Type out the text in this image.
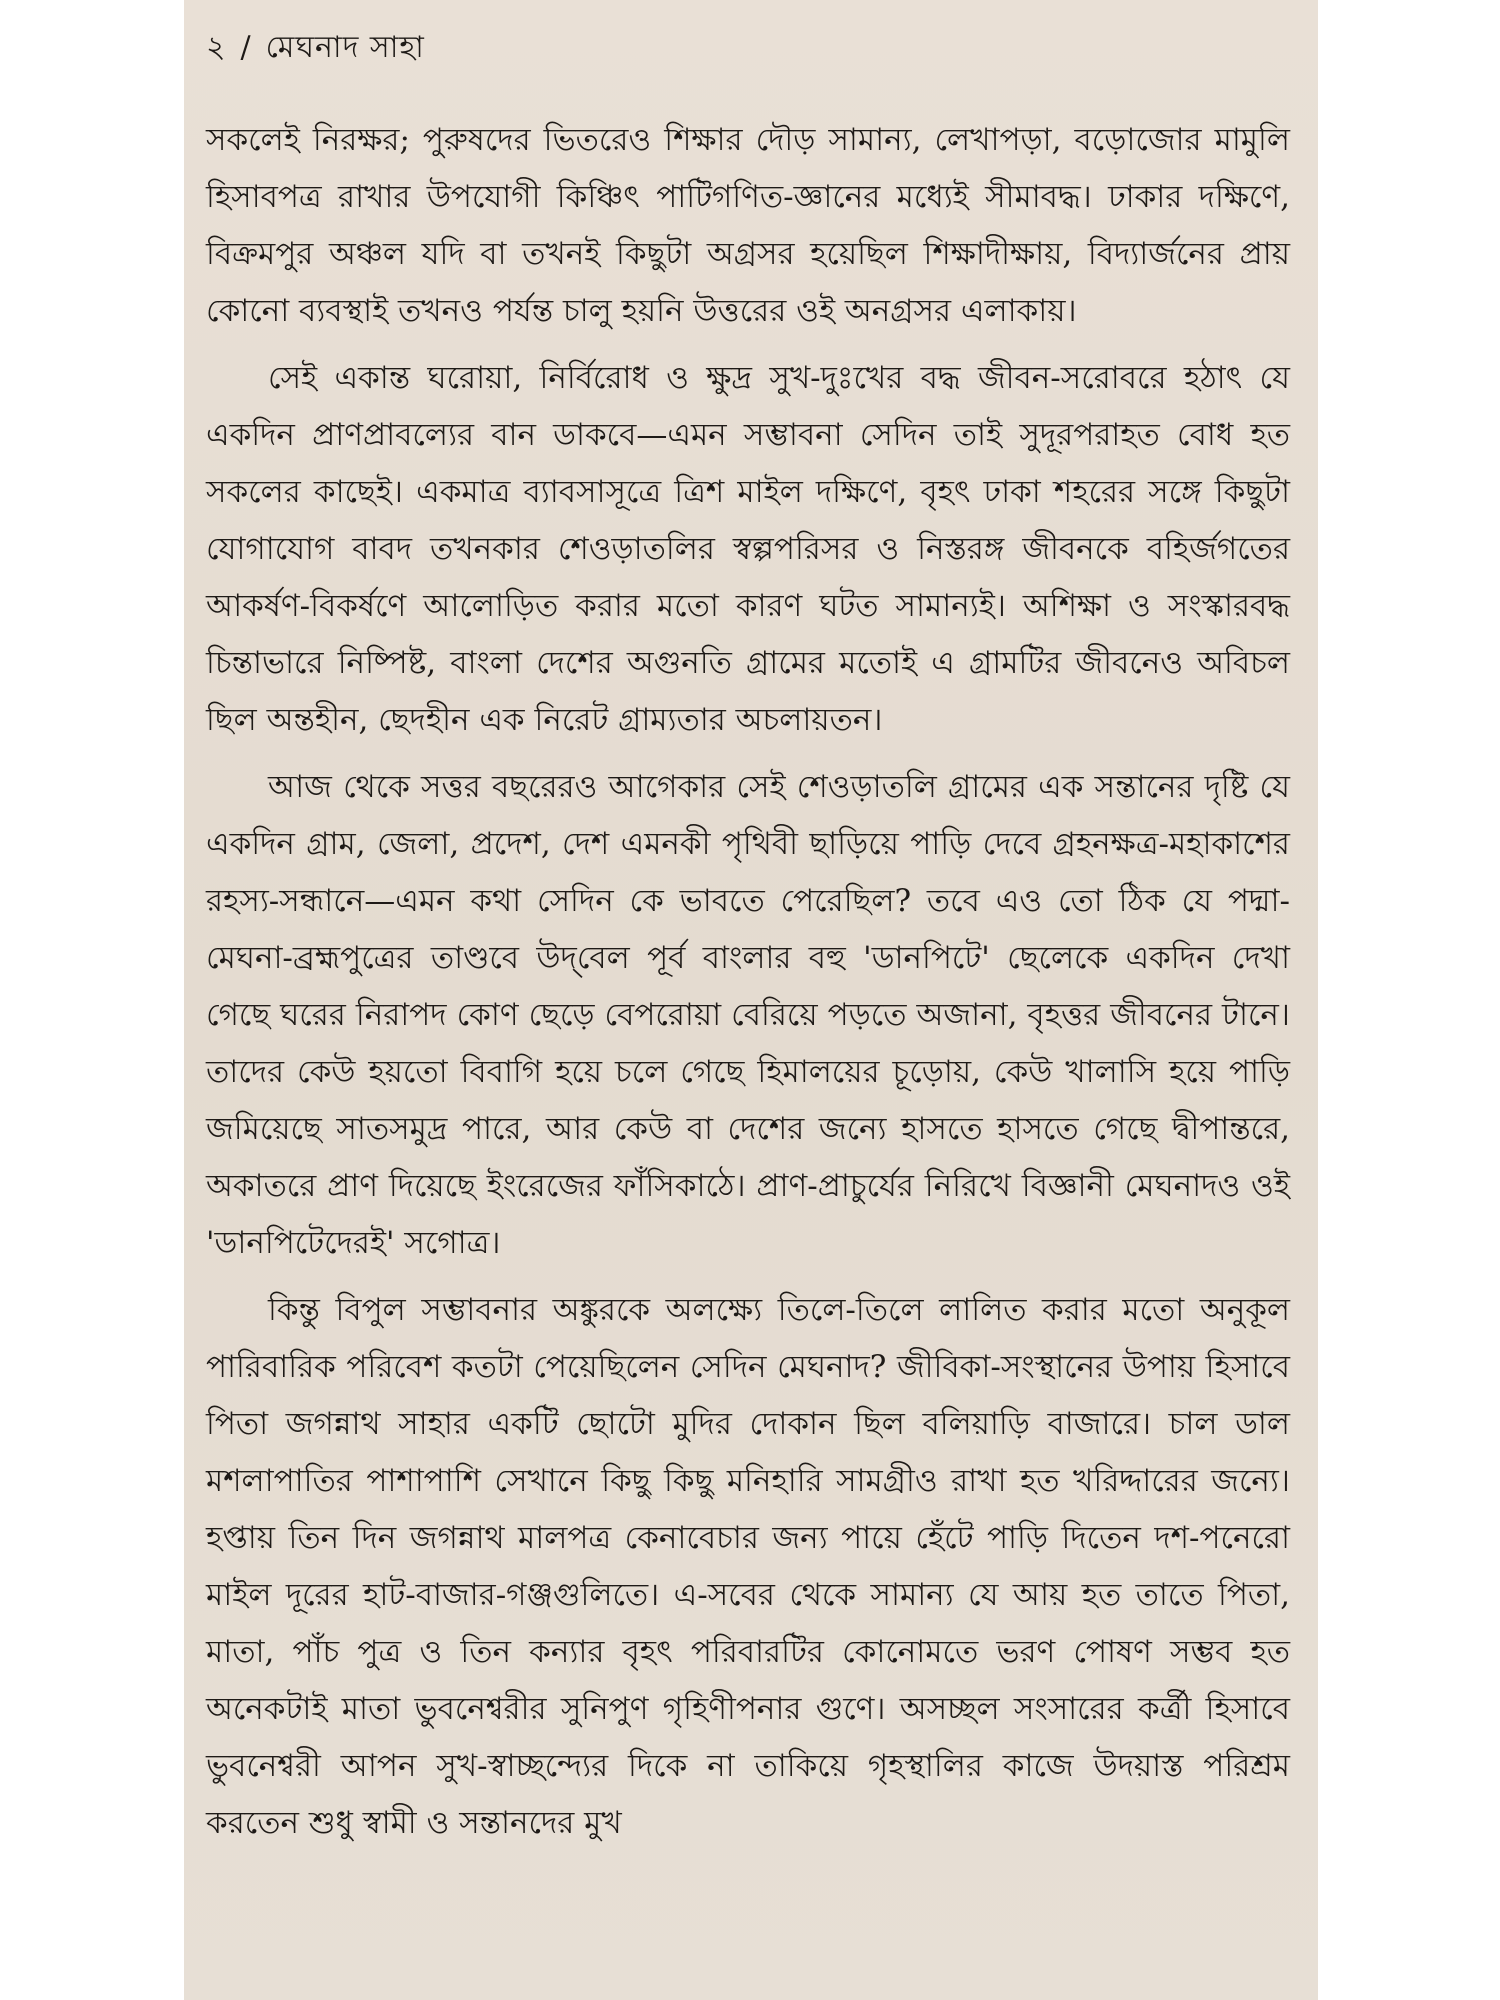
২ / মেঘনাদ সাহা

সকলেই নিরক্ষর; পুরুষদের ভিতরেও শিক্ষার দৌড় সামান্য, লেখাপড়া, বড়োজোর মামুলি হিসাবপত্র রাখার উপযোগী কিঞ্চিৎ পাটিগণিত-জ্ঞানের মধ্যেই সীমাবদ্ধ। ঢাকার দক্ষিণে, বিক্রমপুর অঞ্চল যদি বা তখনই কিছুটা অগ্রসর হয়েছিল শিক্ষাদীক্ষায়, বিদ্যার্জনের প্রায় কোনো ব্যবস্থাই তখনও পর্যন্ত চালু হয়নি উত্তরের ওই অনগ্রসর এলাকায়।

সেই একান্ত ঘরোয়া, নির্বিরোধ ও ক্ষুদ্র সুখ-দুঃখের বদ্ধ জীবন-সরোবরে হঠাৎ যে একদিন প্রাণপ্রাবল্যের বান ডাকবে—এমন সম্ভাবনা সেদিন তাই সুদূরপরাহত বোধ হত সকলের কাছেই। একমাত্র ব্যাবসাসূত্রে ত্রিশ মাইল দক্ষিণে, বৃহৎ ঢাকা শহরের সঙ্গে কিছুটা যোগাযোগ বাবদ তখনকার শেওড়াতলির স্বল্পপরিসর ও নিস্তরঙ্গ জীবনকে বহির্জগতের আকর্ষণ-বিকর্ষণে আলোড়িত করার মতো কারণ ঘটত সামান্যই। অশিক্ষা ও সংস্কারবদ্ধ চিন্তাভারে নিষ্পিষ্ট, বাংলা দেশের অগুনতি গ্রামের মতোই এ গ্রামটির জীবনেও অবিচল ছিল অন্তহীন, ছেদহীন এক নিরেট গ্রাম্যতার অচলায়তন।

আজ থেকে সত্তর বছরেরও আগেকার সেই শেওড়াতলি গ্রামের এক সন্তানের দৃষ্টি যে একদিন গ্রাম, জেলা, প্রদেশ, দেশ এমনকী পৃথিবী ছাড়িয়ে পাড়ি দেবে গ্রহনক্ষত্র-মহাকাশের রহস্য-সন্ধানে—এমন কথা সেদিন কে ভাবতে পেরেছিল? তবে এও তো ঠিক যে পদ্মা-মেঘনা-ব্রহ্মপুত্রের তাণ্ডবে উদ্‌বেল পূর্ব বাংলার বহু 'ডানপিটে' ছেলেকে একদিন দেখা গেছে ঘরের নিরাপদ কোণ ছেড়ে বেপরোয়া বেরিয়ে পড়তে অজানা, বৃহত্তর জীবনের টানে। তাদের কেউ হয়তো বিবাগি হয়ে চলে গেছে হিমালয়ের চূড়োয়, কেউ খালাসি হয়ে পাড়ি জমিয়েছে সাতসমুদ্র পারে, আর কেউ বা দেশের জন্যে হাসতে হাসতে গেছে দ্বীপান্তরে, অকাতরে প্রাণ দিয়েছে ইংরেজের ফাঁসিকাঠে। প্রাণ-প্রাচুর্যের নিরিখে বিজ্ঞানী মেঘনাদও ওই 'ডানপিটেদেরই' সগোত্র।

কিন্তু বিপুল সম্ভাবনার অঙ্কুরকে অলক্ষ্যে তিলে-তিলে লালিত করার মতো অনুকূল পারিবারিক পরিবেশ কতটা পেয়েছিলেন সেদিন মেঘনাদ? জীবিকা-সংস্থানের উপায় হিসাবে পিতা জগন্নাথ সাহার একটি ছোটো মুদির দোকান ছিল বলিয়াড়ি বাজারে। চাল ডাল মশলাপাতির পাশাপাশি সেখানে কিছু কিছু মনিহারি সামগ্রীও রাখা হত খরিদ্দারের জন্যে। হপ্তায় তিন দিন জগন্নাথ মালপত্র কেনাবেচার জন্য পায়ে হেঁটে পাড়ি দিতেন দশ-পনেরো মাইল দূরের হাট-বাজার-গঞ্জগুলিতে। এ-সবের থেকে সামান্য যে আয় হত তাতে পিতা, মাতা, পাঁচ পুত্র ও তিন কন্যার বৃহৎ পরিবারটির কোনোমতে ভরণ পোষণ সম্ভব হত অনেকটাই মাতা ভুবনেশ্বরীর সুনিপুণ গৃহিণীপনার গুণে। অসচ্ছল সংসারের কর্ত্রী হিসাবে ভুবনেশ্বরী আপন সুখ-স্বাচ্ছন্দ্যের দিকে না তাকিয়ে গৃহস্থালির কাজে উদয়াস্ত পরিশ্রম করতেন শুধু স্বামী ও সন্তানদের মুখ
